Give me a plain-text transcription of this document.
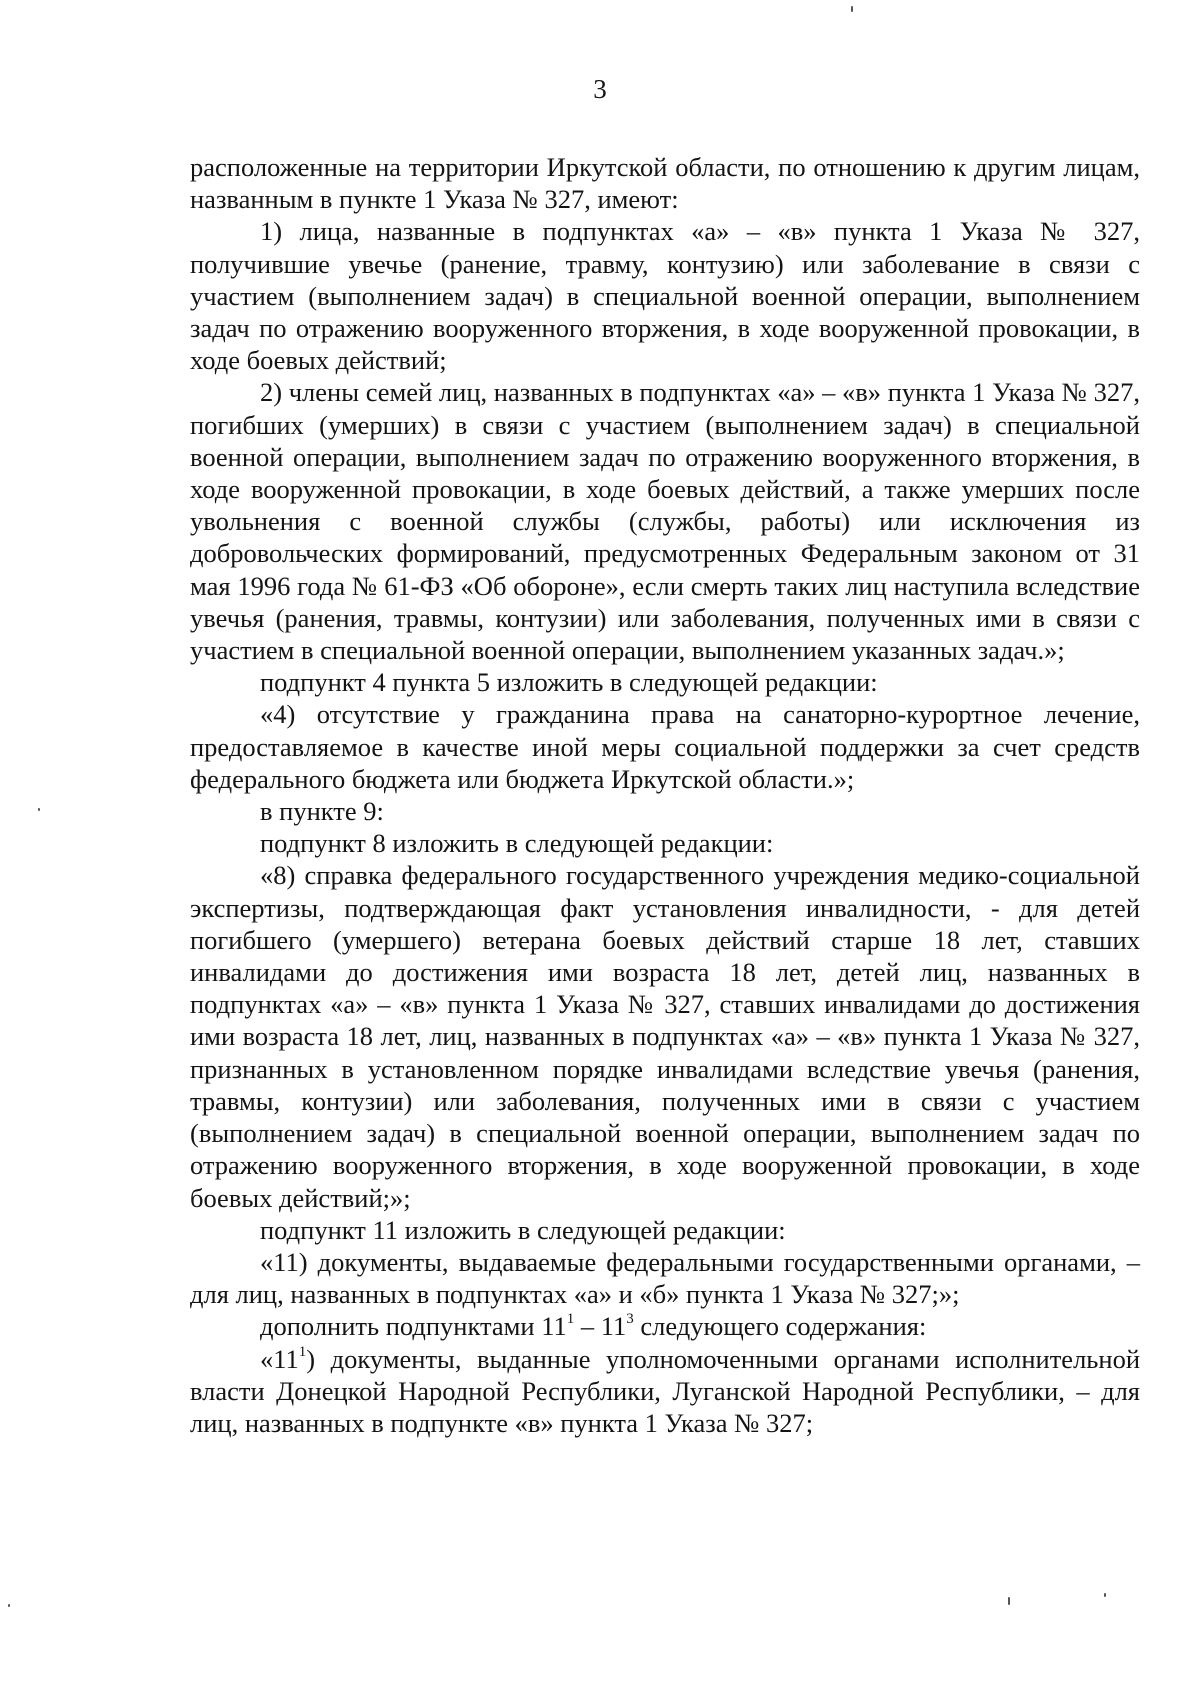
3

расположенные на территории Иркутской области, по отношению к другим лицам, названным в пункте 1 Указа № 327, имеют:

1) лица, названные в подпунктах «а» – «в» пункта 1 Указа № 327, получившие увечье (ранение, травму, контузию) или заболевание в связи с участием (выполнением задач) в специальной военной операции, выполнением задач по отражению вооруженного вторжения, в ходе вооруженной провокации, в ходе боевых действий;

2) члены семей лиц, названных в подпунктах «а» – «в» пункта 1 Указа № 327, погибших (умерших) в связи с участием (выполнением задач) в специальной военной операции, выполнением задач по отражению вооруженного вторжения, в ходе вооруженной провокации, в ходе боевых действий, а также умерших после увольнения с военной службы (службы, работы) или исключения из добровольческих формирований, предусмотренных Федеральным законом от 31 мая 1996 года № 61-ФЗ «Об обороне», если смерть таких лиц наступила вследствие увечья (ранения, травмы, контузии) или заболевания, полученных ими в связи с участием в специальной военной операции, выполнением указанных задач.»;

подпункт 4 пункта 5 изложить в следующей редакции:

«4) отсутствие у гражданина права на санаторно-курортное лечение, предоставляемое в качестве иной меры социальной поддержки за счет средств федерального бюджета или бюджета Иркутской области.»;

в пункте 9:

подпункт 8 изложить в следующей редакции:

«8) справка федерального государственного учреждения медико-социальной экспертизы, подтверждающая факт установления инвалидности, - для детей погибшего (умершего) ветерана боевых действий старше 18 лет, ставших инвалидами до достижения ими возраста 18 лет, детей лиц, названных в подпунктах «а» – «в» пункта 1 Указа № 327, ставших инвалидами до достижения ими возраста 18 лет, лиц, названных в подпунктах «а» – «в» пункта 1 Указа № 327, признанных в установленном порядке инвалидами вследствие увечья (ранения, травмы, контузии) или заболевания, полученных ими в связи с участием (выполнением задач) в специальной военной операции, выполнением задач по отражению вооруженного вторжения, в ходе вооруженной провокации, в ходе боевых действий;»;

подпункт 11 изложить в следующей редакции:

«11) документы, выдаваемые федеральными государственными органами, – для лиц, названных в подпунктах «а» и «б» пункта 1 Указа № 327;»;

дополнить подпунктами $11^1 - 11^3$ следующего содержания:

«$11^1$) документы, выданные уполномоченными органами исполнительной власти Донецкой Народной Республики, Луганской Народной Республики, – для лиц, названных в подпункте «в» пункта 1 Указа № 327;
